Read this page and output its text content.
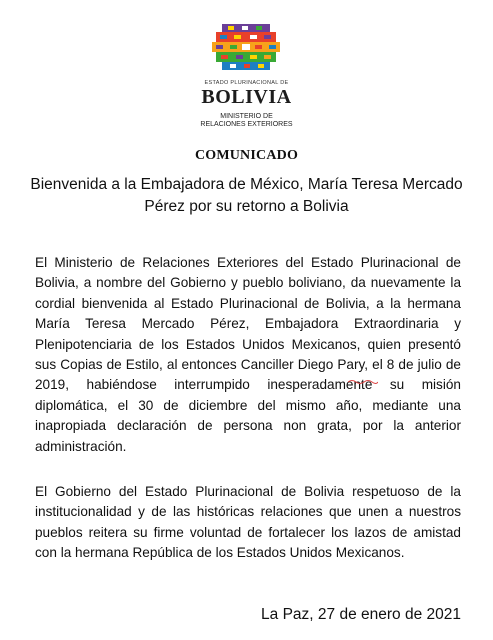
ESTADO PLURINACIONAL DE
BOLIVIA
MINISTERIO DE
RELACIONES EXTERIORES
COMUNICADO
Bienvenida a la Embajadora de México, María Teresa Mercado Pérez por su retorno a Bolivia
El Ministerio de Relaciones Exteriores del Estado Plurinacional de Bolivia, a nombre del Gobierno y pueblo boliviano, da nuevamente la cordial bienvenida al Estado Plurinacional de Bolivia, a la hermana María Teresa Mercado Pérez, Embajadora Extraordinaria y Plenipotenciaria de los Estados Unidos Mexicanos, quien presentó sus Copias de Estilo, al entonces Canciller Diego Pary, el 8 de julio de 2019, habiéndose interrumpido inesperadamente su misión diplomática, el 30 de diciembre del mismo año, mediante una inapropiada declaración de persona non grata, por la anterior administración.
El Gobierno del Estado Plurinacional de Bolivia respetuoso de la institucionalidad y de las históricas relaciones que unen a nuestros pueblos reitera su firme voluntad de fortalecer los lazos de amistad con la hermana República de los Estados Unidos Mexicanos.
La Paz, 27 de enero de 2021
